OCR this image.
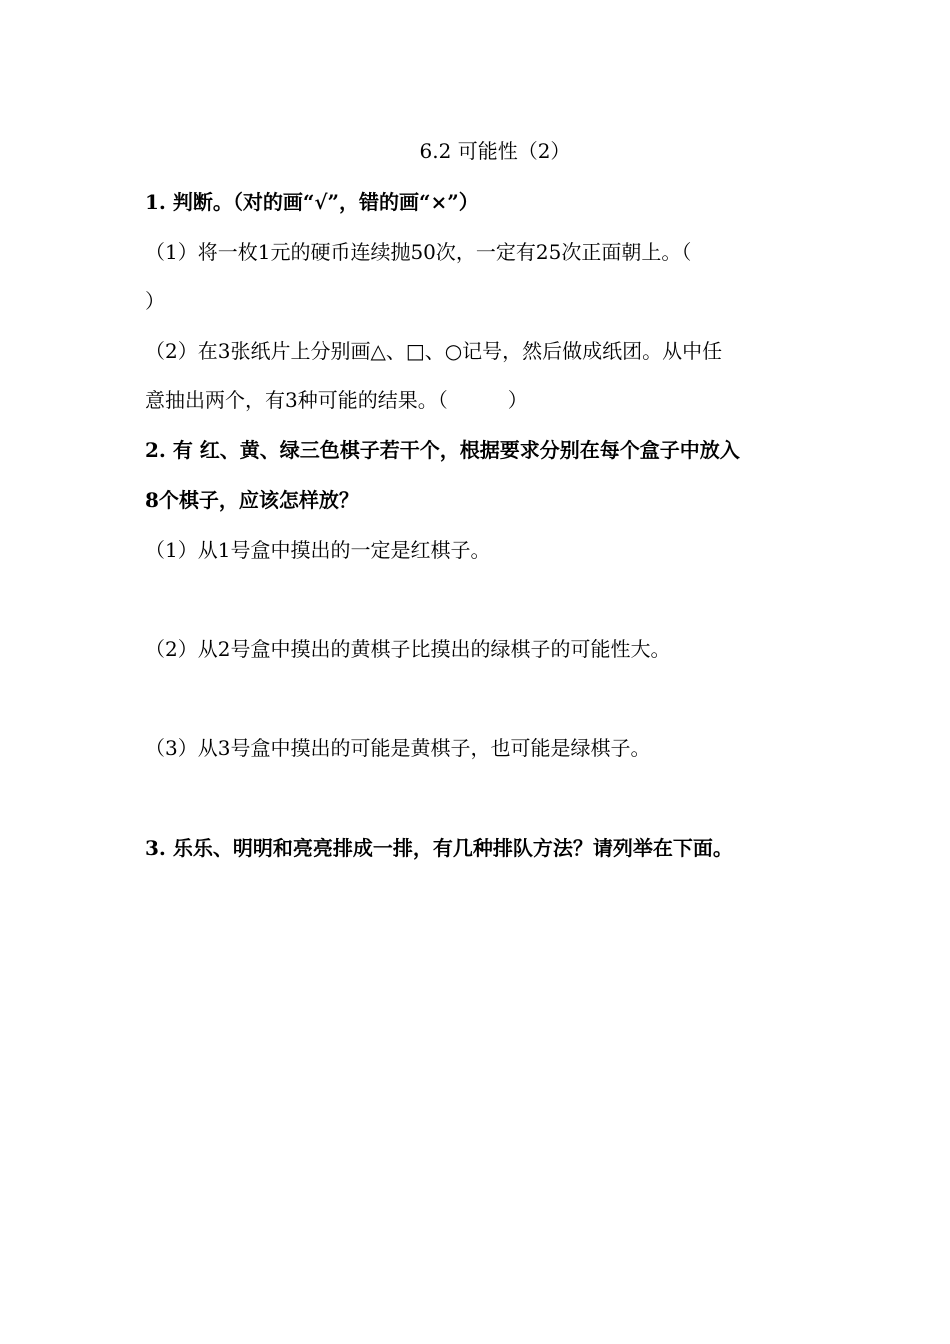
6.2 可能性（2）
1. 判断。（对的画“√”，错的画“×”）
（1）将一枚1元的硬币连续抛50次，一定有25次正面朝上。（
）
（2）在3张纸片上分别画△、□、○记号，然后做成纸团。从中任
意抽出两个，有3种可能的结果。（　　　）
2. 有 红、黄、绿三色棋子若干个，根据要求分别在每个盒子中放入
8个棋子，应该怎样放？
（1）从1号盒中摸出的一定是红棋子。
（2）从2号盒中摸出的黄棋子比摸出的绿棋子的可能性大。
（3）从3号盒中摸出的可能是黄棋子，也可能是绿棋子。
3. 乐乐、明明和亮亮排成一排，有几种排队方法？请列举在下面。
